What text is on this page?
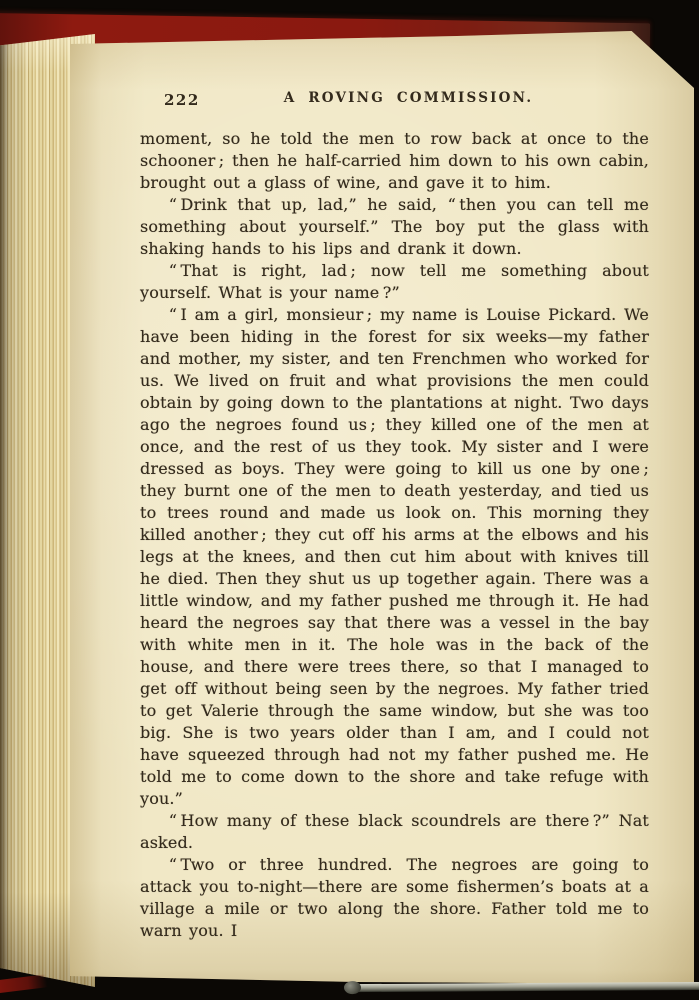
222	A ROVING COMMISSION.

moment, so he told the men to row back at once to the schooner ; then he half-carried him down to his own cabin, brought out a glass of wine, and gave it to him.

“ Drink that up, lad,” he said, “ then you can tell me something about yourself.” The boy put the glass with shaking hands to his lips and drank it down.

“ That is right, lad ; now tell me something about yourself. What is your name ?”

“ I am a girl, monsieur ; my name is Louise Pickard. We have been hiding in the forest for six weeks—my father and mother, my sister, and ten Frenchmen who worked for us. We lived on fruit and what provisions the men could obtain by going down to the plantations at night. Two days ago the negroes found us ; they killed one of the men at once, and the rest of us they took. My sister and I were dressed as boys. They were going to kill us one by one ; they burnt one of the men to death yesterday, and tied us to trees round and made us look on. This morning they killed another ; they cut off his arms at the elbows and his legs at the knees, and then cut him about with knives till he died. Then they shut us up together again. There was a little window, and my father pushed me through it. He had heard the negroes say that there was a vessel in the bay with white men in it. The hole was in the back of the house, and there were trees there, so that I managed to get off without being seen by the negroes. My father tried to get Valerie through the same window, but she was too big. She is two years older than I am, and I could not have squeezed through had not my father pushed me. He told me to come down to the shore and take refuge with you.”

“ How many of these black scoundrels are there ?” Nat asked.

“ Two or three hundred. The negroes are going to attack you to-night—there are some fishermen’s boats at a village a mile or two along the shore. Father told me to warn you. I
